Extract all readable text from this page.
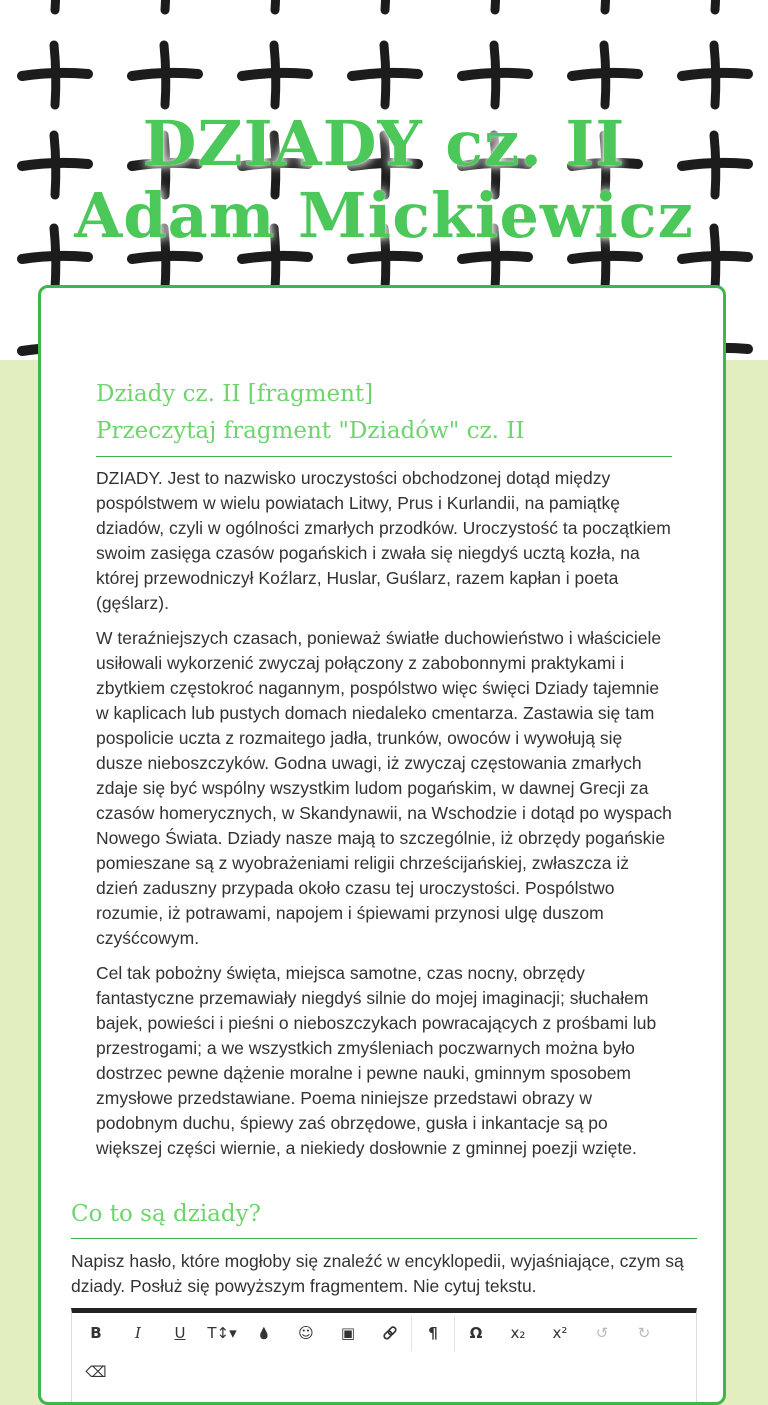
DZIADY cz. II
Adam Mickiewicz
Dziady cz. II [fragment]
Przeczytaj fragment "Dziadów" cz. II

DZIADY. Jest to nazwisko uroczystości obchodzonej dotąd między pospólstwem w wielu powiatach Litwy, Prus i Kurlandii, na pamiątkę dziadów, czyli w ogólności zmarłych przodków. Uroczystość ta początkiem swoim zasięga czasów pogańskich i zwała się niegdyś ucztą kozła, na której przewodniczył Koźlarz, Huslar, Guślarz, razem kapłan i poeta (gęślarz).

W teraźniejszych czasach, ponieważ światłe duchowieństwo i właściciele usiłowali wykorzenić zwyczaj połączony z zabobonnymi praktykami i zbytkiem częstokroć nagannym, pospólstwo więc święci Dziady tajemnie w kaplicach lub pustych domach niedaleko cmentarza. Zastawia się tam pospolicie uczta z rozmaitego jadła, trunków, owoców i wywołują się dusze nieboszczyków. Godna uwagi, iż zwyczaj częstowania zmarłych zdaje się być wspólny wszystkim ludom pogańskim, w dawnej Grecji za czasów homerycznych, w Skandynawii, na Wschodzie i dotąd po wyspach Nowego Świata. Dziady nasze mają to szczególnie, iż obrzędy pogańskie pomieszane są z wyobrażeniami religii chrześcijańskiej, zwłaszcza iż dzień zaduszny przypada około czasu tej uroczystości. Pospólstwo rozumie, iż potrawami, napojem i śpiewami przynosi ulgę duszom czyśćcowym.

Cel tak pobożny święta, miejsca samotne, czas nocny, obrzędy fantastyczne przemawiały niegdyś silnie do mojej imaginacji; słuchałem bajek, powieści i pieśni o nieboszczykach powracających z prośbami lub przestrogami; a we wszystkich zmyśleniach poczwarnych można było dostrzec pewne dążenie moralne i pewne nauki, gminnym sposobem zmysłowe przedstawiane. Poema niniejsze przedstawi obrazy w podobnym duchu, śpiewy zaś obrzędowe, gusła i inkantacje są po większej części wiernie, a niekiedy dosłownie z gminnej poezji wzięte.

Co to są dziady?

Napisz hasło, które mogłoby się znaleźć w encyklopedii, wyjaśniające, czym są dziady. Posłuż się powyższym fragmentem. Nie cytuj tekstu.

B I U T↕▾ 💧 ☺ ▣ 🔗 ¶ Ω x₂ x² ↺ ↻
⌫
